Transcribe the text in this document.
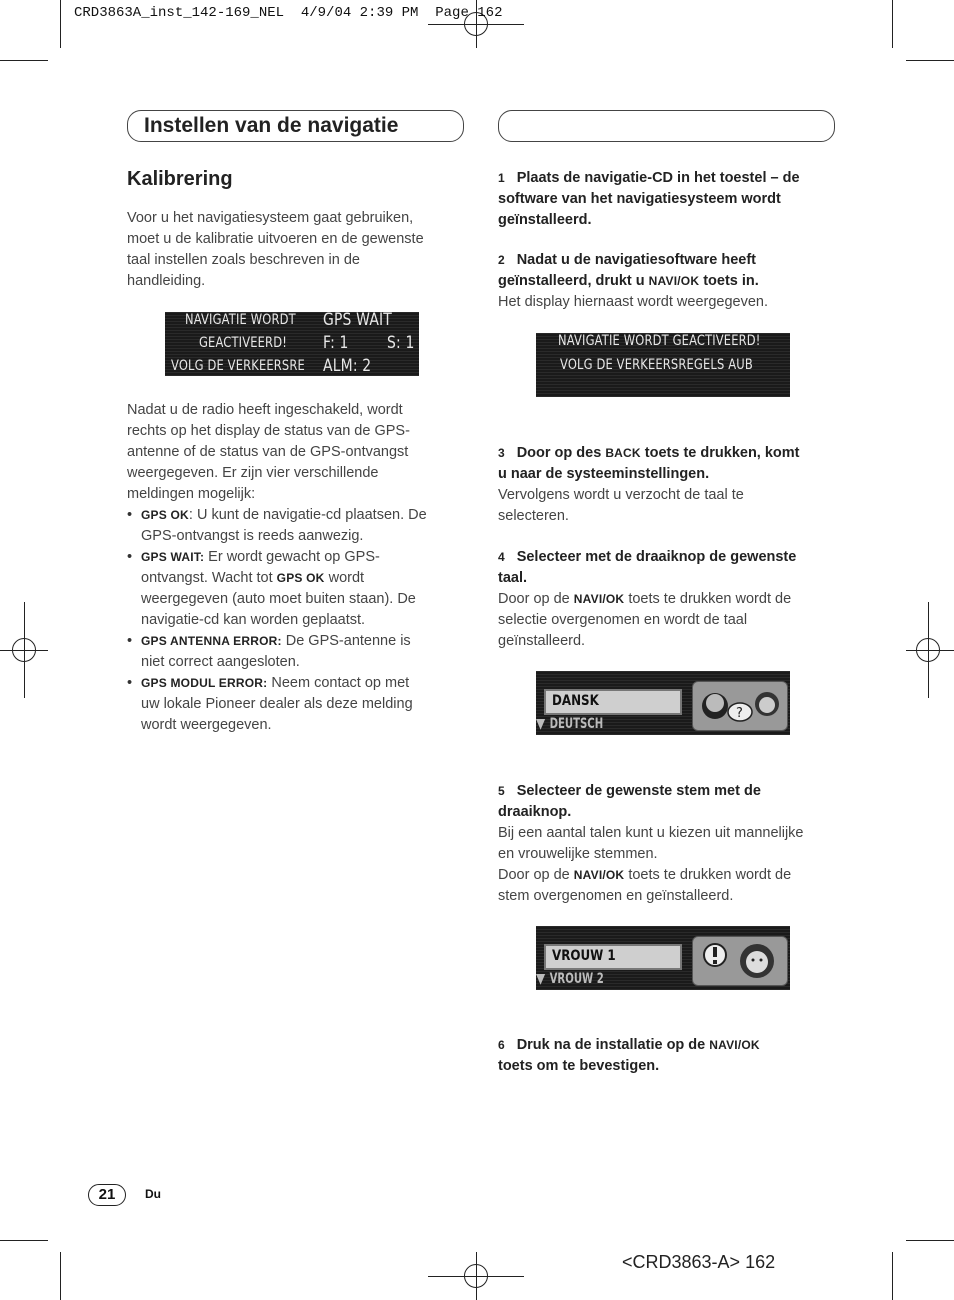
CRD3863A_inst_142-169_NEL  4/9/04 2:39 PM  Page 162
Instellen van de navigatie
Kalibrering
Voor u het navigatiesysteem gaat gebruiken,
moet u de kalibratie uitvoeren en de gewenste
taal instellen zoals beschreven in de
handleiding.
NAVIGATIE WORDT GPS WAIT
GEACTIVEERD! F: 1 S: 1
VOLG DE VERKEERSRE ALM: 2
Nadat u de radio heeft ingeschakeld, wordt
rechts op het display de status van de GPS-
antenne of de status van de GPS-ontvangst
weergegeven. Er zijn vier verschillende
meldingen mogelijk:
• GPS OK: U kunt de navigatie-cd plaatsen. De
GPS-ontvangst is reeds aanwezig.
• GPS WAIT: Er wordt gewacht op GPS-
ontvangst. Wacht tot GPS OK wordt
weergegeven (auto moet buiten staan). De
navigatie-cd kan worden geplaatst.
• GPS ANTENNA ERROR: De GPS-antenne is
niet correct aangesloten.
• GPS MODUL ERROR: Neem contact op met
uw lokale Pioneer dealer als deze melding
wordt weergegeven.
1 Plaats de navigatie-CD in het toestel – de
software van het navigatiesysteem wordt
geïnstalleerd.
2 Nadat u de navigatiesoftware heeft
geïnstalleerd, drukt u NAVI/OK toets in.
Het display hiernaast wordt weergegeven.
NAVIGATIE WORDT GEACTIVEERD!
VOLG DE VERKEERSREGELS AUB
3 Door op des BACK toets te drukken, komt
u naar de systeeminstellingen.
Vervolgens wordt u verzocht de taal te
selecteren.
4 Selecteer met de draaiknop de gewenste
taal.
Door op de NAVI/OK toets te drukken wordt de
selectie overgenomen en wordt de taal
geïnstalleerd.
DANSK
▼ DEUTSCH
?
5 Selecteer de gewenste stem met de
draaiknop.
Bij een aantal talen kunt u kiezen uit mannelijke
en vrouwelijke stemmen.
Door op de NAVI/OK toets te drukken wordt de
stem overgenomen en geïnstalleerd.
VROUW 1
▼ VROUW 2
6 Druk na de installatie op de NAVI/OK
toets om te bevestigen.
21	Du
<CRD3863-A> 162
